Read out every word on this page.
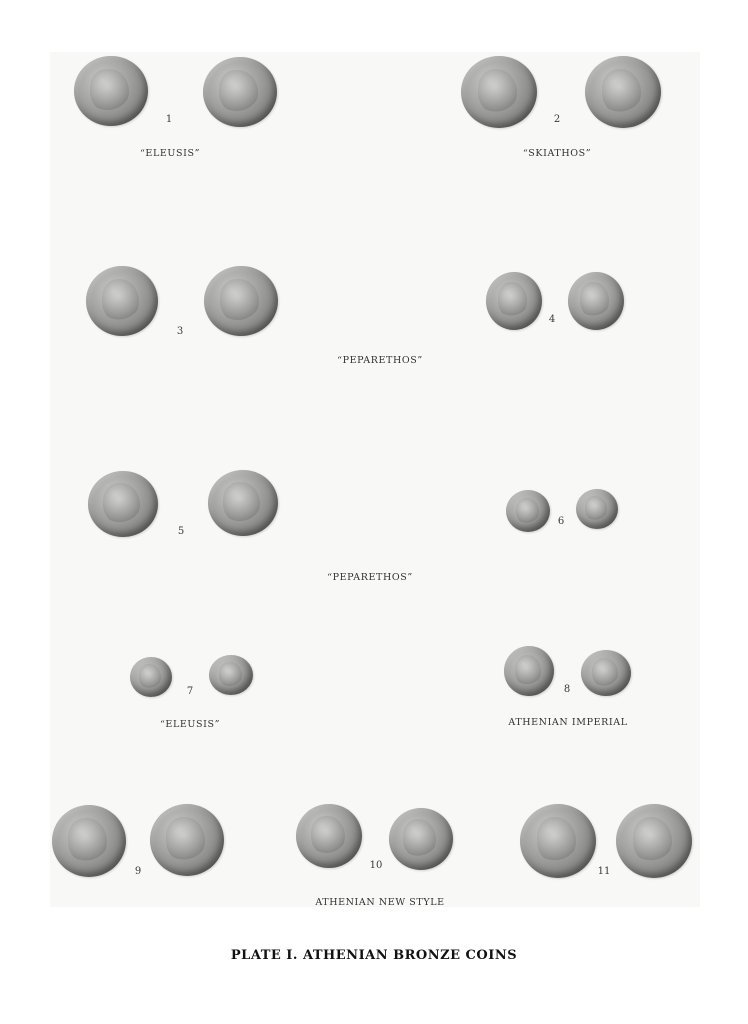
1
“ELEUSIS”
2
“SKIATHOS”
3
4
“PEPARETHOS”
5
6
“PEPARETHOS”
7
“ELEUSIS”
8
ATHENIAN IMPERIAL
9
10
11
ATHENIAN NEW STYLE
PLATE I. ATHENIAN BRONZE COINS
